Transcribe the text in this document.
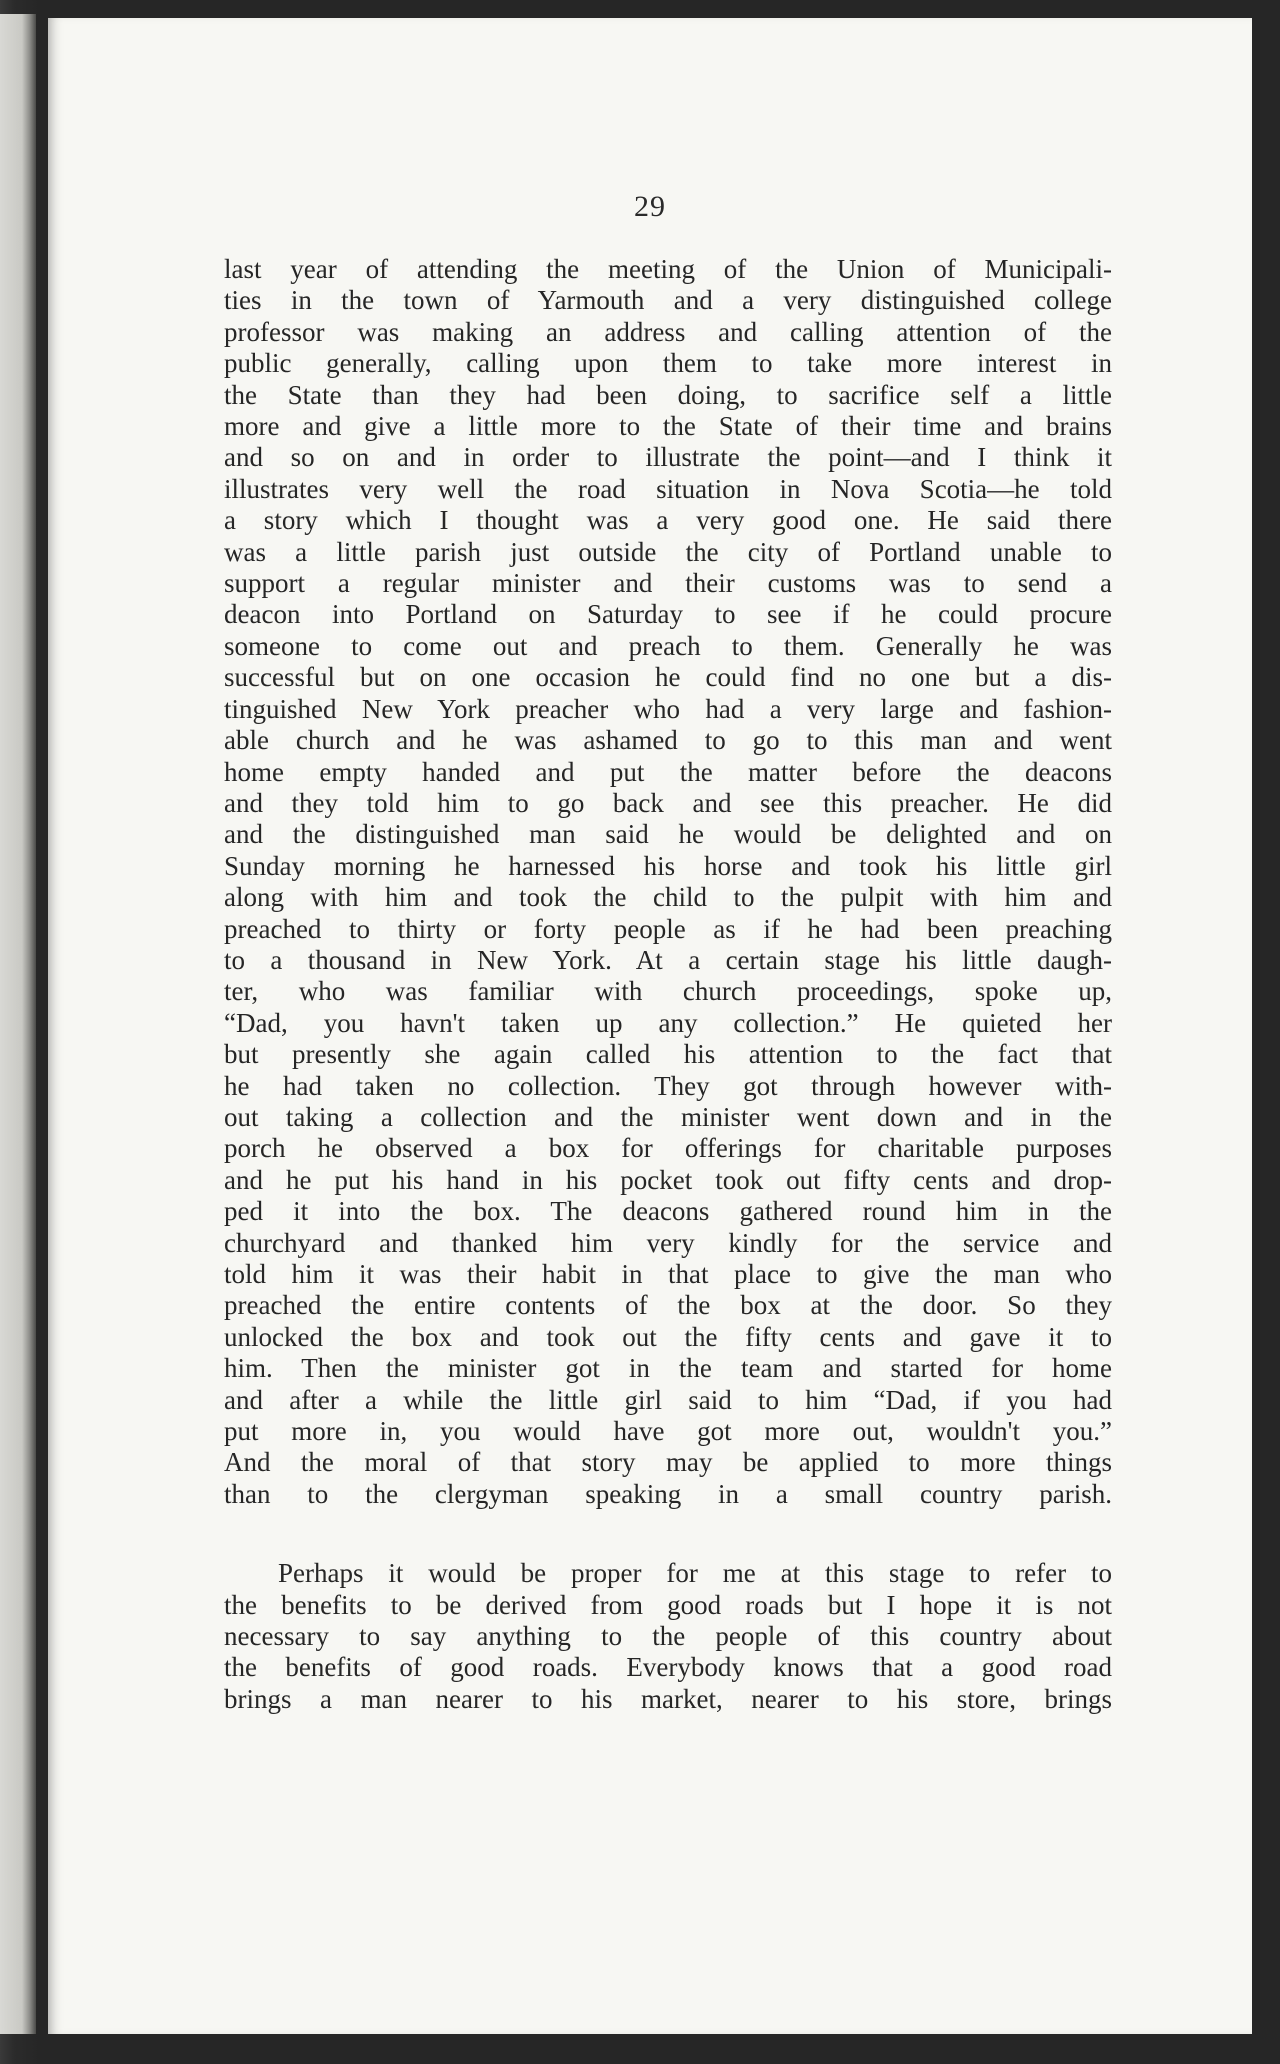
29
last year of attending the meeting of the Union of Municipali-
ties in the town of Yarmouth and a very distinguished college
professor was making an address and calling attention of the
public generally, calling upon them to take more interest in
the State than they had been doing, to sacrifice self a little
more and give a little more to the State of their time and brains
and so on and in order to illustrate the point—and I think it
illustrates very well the road situation in Nova Scotia—he told
a story which I thought was a very good one. He said there
was a little parish just outside the city of Portland unable to
support a regular minister and their customs was to send a
deacon into Portland on Saturday to see if he could procure
someone to come out and preach to them. Generally he was
successful but on one occasion he could find no one but a dis-
tinguished New York preacher who had a very large and fashion-
able church and he was ashamed to go to this man and went
home empty handed and put the matter before the deacons
and they told him to go back and see this preacher. He did
and the distinguished man said he would be delighted and on
Sunday morning he harnessed his horse and took his little girl
along with him and took the child to the pulpit with him and
preached to thirty or forty people as if he had been preaching
to a thousand in New York. At a certain stage his little daugh-
ter, who was familiar with church proceedings, spoke up,
“Dad, you havn't taken up any collection.” He quieted her
but presently she again called his attention to the fact that
he had taken no collection. They got through however with-
out taking a collection and the minister went down and in the
porch he observed a box for offerings for charitable purposes
and he put his hand in his pocket took out fifty cents and drop-
ped it into the box. The deacons gathered round him in the
churchyard and thanked him very kindly for the service and
told him it was their habit in that place to give the man who
preached the entire contents of the box at the door. So they
unlocked the box and took out the fifty cents and gave it to
him. Then the minister got in the team and started for home
and after a while the little girl said to him “Dad, if you had
put more in, you would have got more out, wouldn't you.”
And the moral of that story may be applied to more things
than to the clergyman speaking in a small country parish.
Perhaps it would be proper for me at this stage to refer to
the benefits to be derived from good roads but I hope it is not
necessary to say anything to the people of this country about
the benefits of good roads. Everybody knows that a good road
brings a man nearer to his market, nearer to his store, brings
